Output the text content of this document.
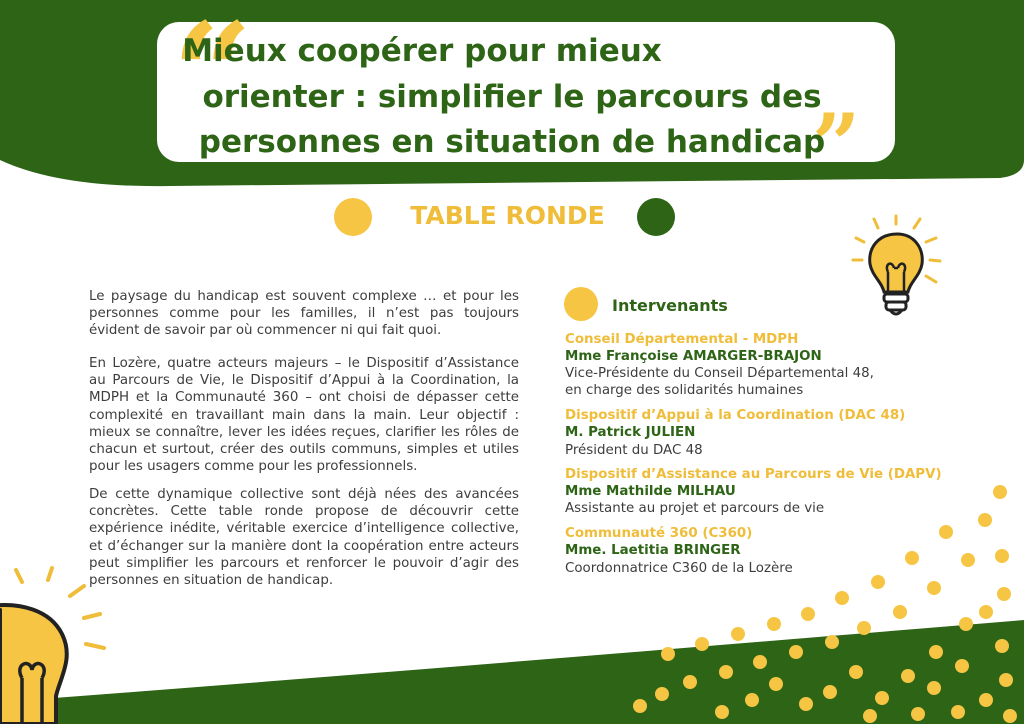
“	”
Mieux coopérer pour mieux
orienter : simplifier le parcours des
personnes en situation de handicap
TABLE RONDE
Le paysage du handicap est souvent complexe … et pour les personnes comme pour les familles, il n’est pas toujours évident de savoir par où commencer ni qui fait quoi.
En Lozère, quatre acteurs majeurs – le Dispositif d’Assistance au Parcours de Vie, le Dispositif d’Appui à la Coordination, la MDPH et la Communauté 360 – ont choisi de dépasser cette complexité en travaillant main dans la main. Leur objectif : mieux se connaître, lever les idées reçues, clarifier les rôles de chacun et surtout, créer des outils communs, simples et utiles pour les usagers comme pour les professionnels.
De cette dynamique collective sont déjà nées des avancées concrètes. Cette table ronde propose de découvrir cette expérience inédite, véritable exercice d’intelligence collective, et d’échanger sur la manière dont la coopération entre acteurs peut simplifier les parcours et renforcer le pouvoir d’agir des personnes en situation de handicap.
Intervenants
Conseil Départemental - MDPH
Mme Françoise AMARGER-BRAJON
Vice-Présidente du Conseil Départemental 48,
en charge des solidarités humaines
Dispositif d’Appui à la Coordination (DAC 48)
M. Patrick JULIEN
Président du DAC 48
Dispositif d’Assistance au Parcours de Vie (DAPV)
Mme Mathilde MILHAU
Assistante au projet et parcours de vie
Communauté 360 (C360)
Mme. Laetitia BRINGER
Coordonnatrice C360 de la Lozère
